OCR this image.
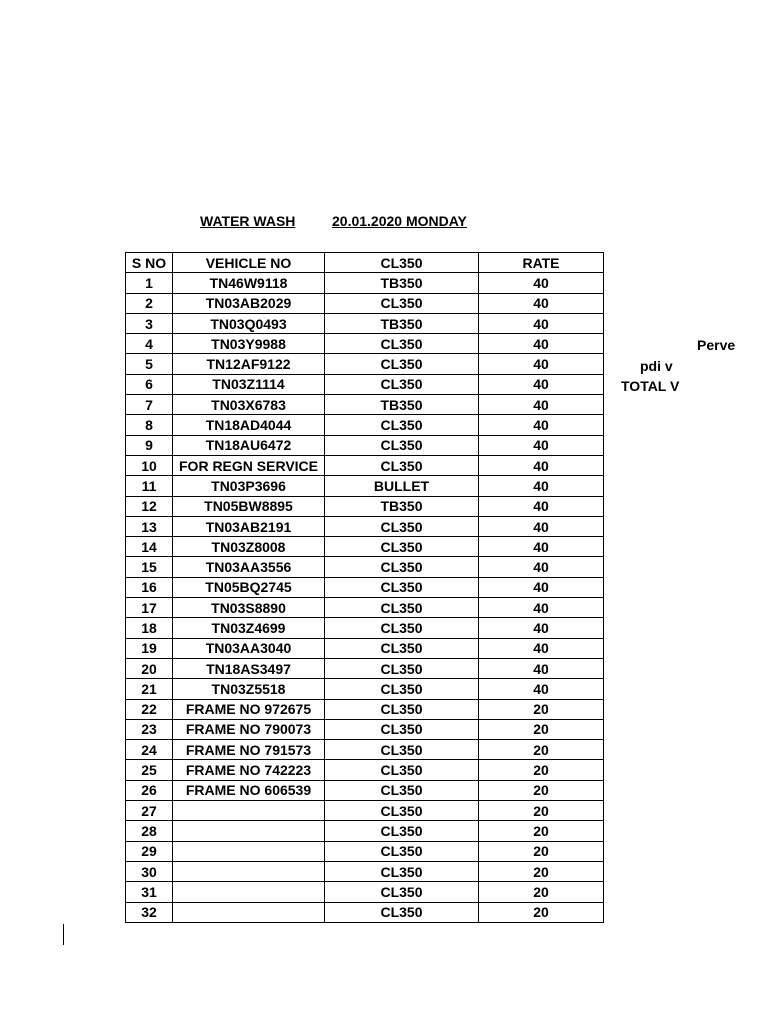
WATER WASH	20.01.2020 MONDAY
S NO	VEHICLE NO	CL350	RATE
1	TN46W9118	TB350	40
2	TN03AB2029	CL350	40
3	TN03Q0493	TB350	40
4	TN03Y9988	CL350	40
5	TN12AF9122	CL350	40
6	TN03Z1114	CL350	40
7	TN03X6783	TB350	40
8	TN18AD4044	CL350	40
9	TN18AU6472	CL350	40
10	FOR REGN SERVICE	CL350	40
11	TN03P3696	BULLET	40
12	TN05BW8895	TB350	40
13	TN03AB2191	CL350	40
14	TN03Z8008	CL350	40
15	TN03AA3556	CL350	40
16	TN05BQ2745	CL350	40
17	TN03S8890	CL350	40
18	TN03Z4699	CL350	40
19	TN03AA3040	CL350	40
20	TN18AS3497	CL350	40
21	TN03Z5518	CL350	40
22	FRAME NO 972675	CL350	20
23	FRAME NO 790073	CL350	20
24	FRAME NO 791573	CL350	20
25	FRAME NO 742223	CL350	20
26	FRAME NO 606539	CL350	20
27		CL350	20
28		CL350	20
29		CL350	20
30		CL350	20
31		CL350	20
32		CL350	20
Perve
pdi v
TOTAL V
